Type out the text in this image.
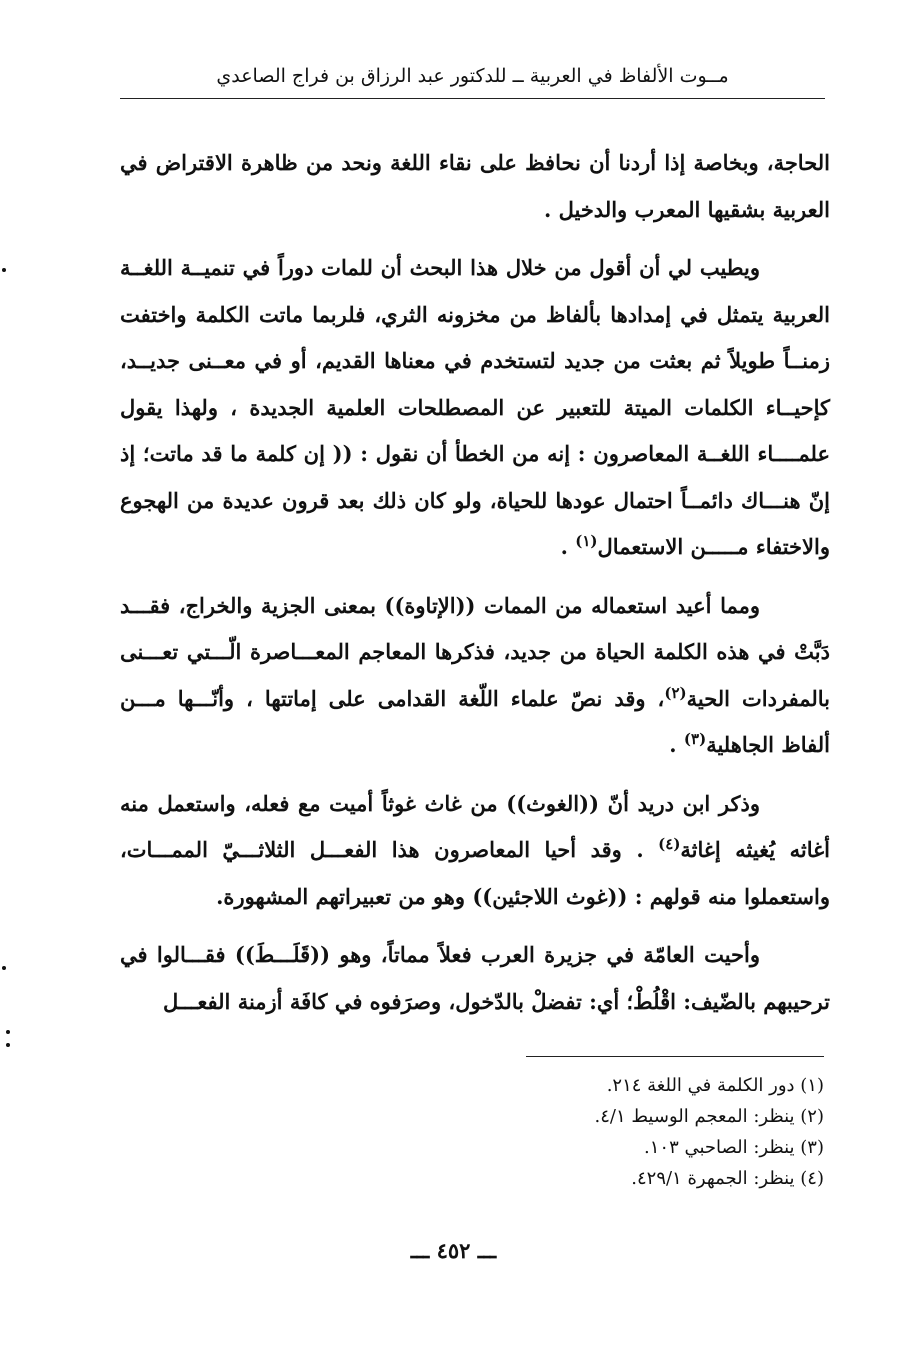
مــوت الألفاظ في العربية ــ للدكتور عبد الرزاق بن فراج الصاعدي

الحاجة، وبخاصة إذا أردنا أن نحافظ على نقاء اللغة ونحد من ظاهرة الاقتراض في العربية بشقيها المعرب والدخيل .

ويطيب لي أن أقول من خلال هذا البحث أن للمات دوراً في تنميــة اللغــة العربية يتمثل في إمدادها بألفاظ من مخزونه الثري، فلربما ماتت الكلمة واختفت زمنــاً طويلاً ثم بعثت من جديد لتستخدم في معناها القديم، أو في معــنى جديــد، كإحيــاء الكلمات الميتة للتعبير عن المصطلحات العلمية الجديدة ، ولهذا يقول علمــــاء اللغــة المعاصرون : إنه من الخطأ أن نقول : (( إن كلمة ما قد ماتت؛ إذ إنّ هنـــاك دائمــاً احتمال عودها للحياة، ولو كان ذلك بعد قرون عديدة من الهجوع والاختفاء مـــــن الاستعمال$^{(١)}$ .

ومما أعيد استعماله من الممات ((الإتاوة)) بمعنى الجزية والخراج، فقـــد دَبَّتْ في هذه الكلمة الحياة من جديد، فذكرها المعاجم المعـــاصرة الّـــتي تعـــنى بالمفردات الحية$^{(٢)}$، وقد نصّ علماء اللّغة القدامى على إماتتها ، وأنّـــها مـــن ألفاظ الجاهلية$^{(٣)}$ .

وذكر ابن دريد أنّ ((الغوث)) من غاث غوثاً أميت مع فعله، واستعمل منه أغاثه يُغيثه إغاثة$^{(٤)}$ . وقد أحيا المعاصرون هذا الفعـــل الثلاثـــيّ الممـــات، واستعملوا منه قولهم : ((غوث اللاجئين)) وهو من تعبيراتهم المشهورة.

وأحيت العامّة في جزيرة العرب فعلاً مماتاً، وهو ((قَلَـــطَ)) فقـــالوا في ترحيبهم بالضّيف: اقْلُطْ؛ أي: تفضلْ بالدّخول، وصرَفوه في كافَة أزمنة الفعـــل

(١) دور الكلمة في اللغة ٢١٤.

(٢) ينظر: المعجم الوسيط ٤/١.

(٣) ينظر: الصاحبي ١٠٣.

(٤) ينظر: الجمهرة ٤٢٩/١.

ـــ ٤٥٢ ـــ
